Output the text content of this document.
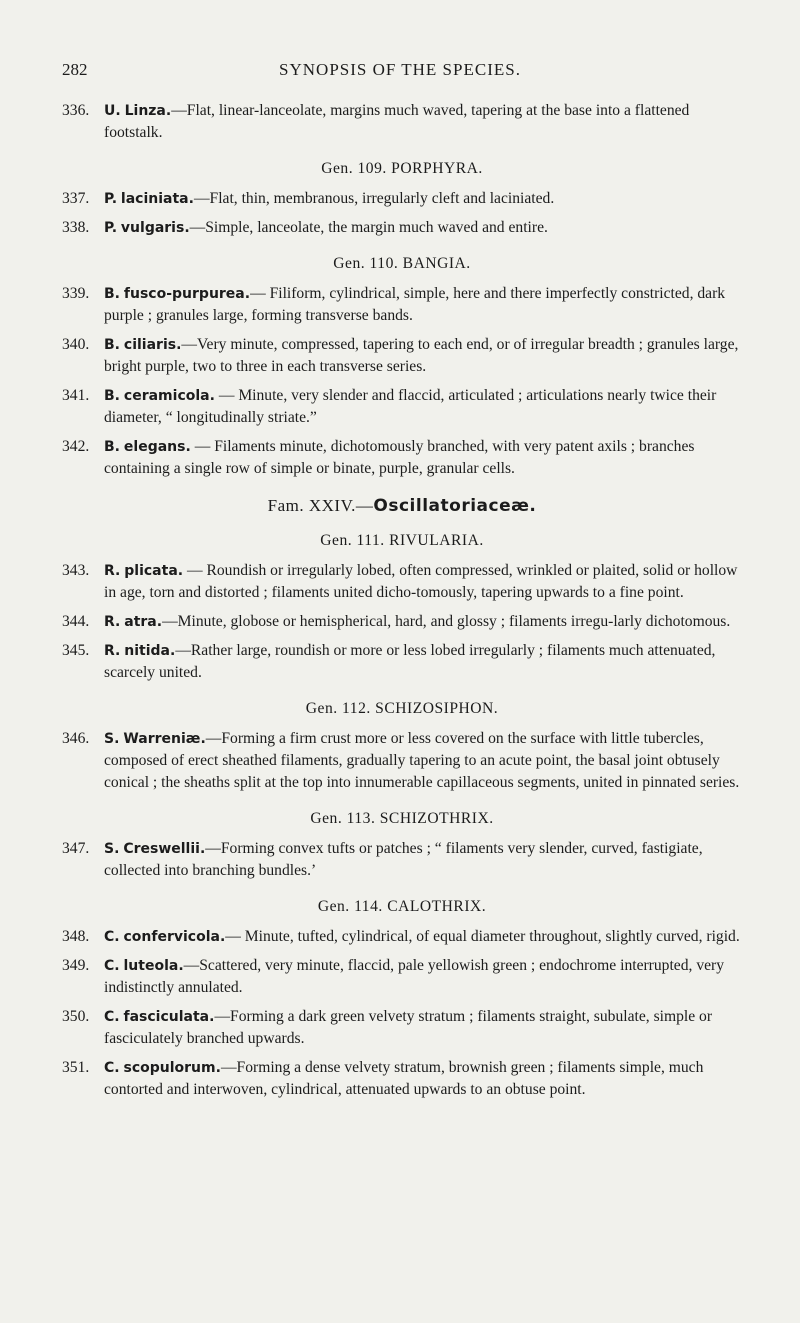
282	SYNOPSIS OF THE SPECIES.

336. U. Linza.—Flat, linear-lanceolate, margins much waved, tapering at the base into a flattened footstalk.

Gen. 109. PORPHYRA.

337. P. laciniata.—Flat, thin, membranous, irregularly cleft and laciniated.

338. P. vulgaris.—Simple, lanceolate, the margin much waved and entire.

Gen. 110. BANGIA.

339. B. fusco-purpurea.— Filiform, cylindrical, simple, here and there imperfectly constricted, dark purple ; granules large, forming transverse bands.

340. B. ciliaris.—Very minute, compressed, tapering to each end, or of irregular breadth ; granules large, bright purple, two to three in each transverse series.

341. B. ceramicola. — Minute, very slender and flaccid, articulated ; articulations nearly twice their diameter, “ longitudinally striate.”

342. B. elegans. — Filaments minute, dichotomously branched, with very patent axils ; branches containing a single row of simple or binate, purple, granular cells.

Fam. XXIV.—Oscillatoriaceæ.
Gen. 111. RIVULARIA.

343. R. plicata. — Roundish or irregularly lobed, often compressed, wrinkled or plaited, solid or hollow in age, torn and distorted ; filaments united dicho-tomously, tapering upwards to a fine point.

344. R. atra.—Minute, globose or hemispherical, hard, and glossy ; filaments irregu-larly dichotomous.

345. R. nitida.—Rather large, roundish or more or less lobed irregularly ; filaments much attenuated, scarcely united.

Gen. 112. SCHIZOSIPHON.

346. S. Warreniæ.—Forming a firm crust more or less covered on the surface with little tubercles, composed of erect sheathed filaments, gradually tapering to an acute point, the basal joint obtusely conical ; the sheaths split at the top into innumerable capillaceous segments, united in pinnated series.

Gen. 113. SCHIZOTHRIX.

347. S. Creswellii.—Forming convex tufts or patches ; “ filaments very slender, curved, fastigiate, collected into branching bundles.’

Gen. 114. CALOTHRIX.

348. C. confervicola.— Minute, tufted, cylindrical, of equal diameter throughout, slightly curved, rigid.

349. C. luteola.—Scattered, very minute, flaccid, pale yellowish green ; endochrome interrupted, very indistinctly annulated.

350. C. fasciculata.—Forming a dark green velvety stratum ; filaments straight, subulate, simple or fasciculately branched upwards.

351. C. scopulorum.—Forming a dense velvety stratum, brownish green ; filaments simple, much contorted and interwoven, cylindrical, attenuated upwards to an obtuse point.
